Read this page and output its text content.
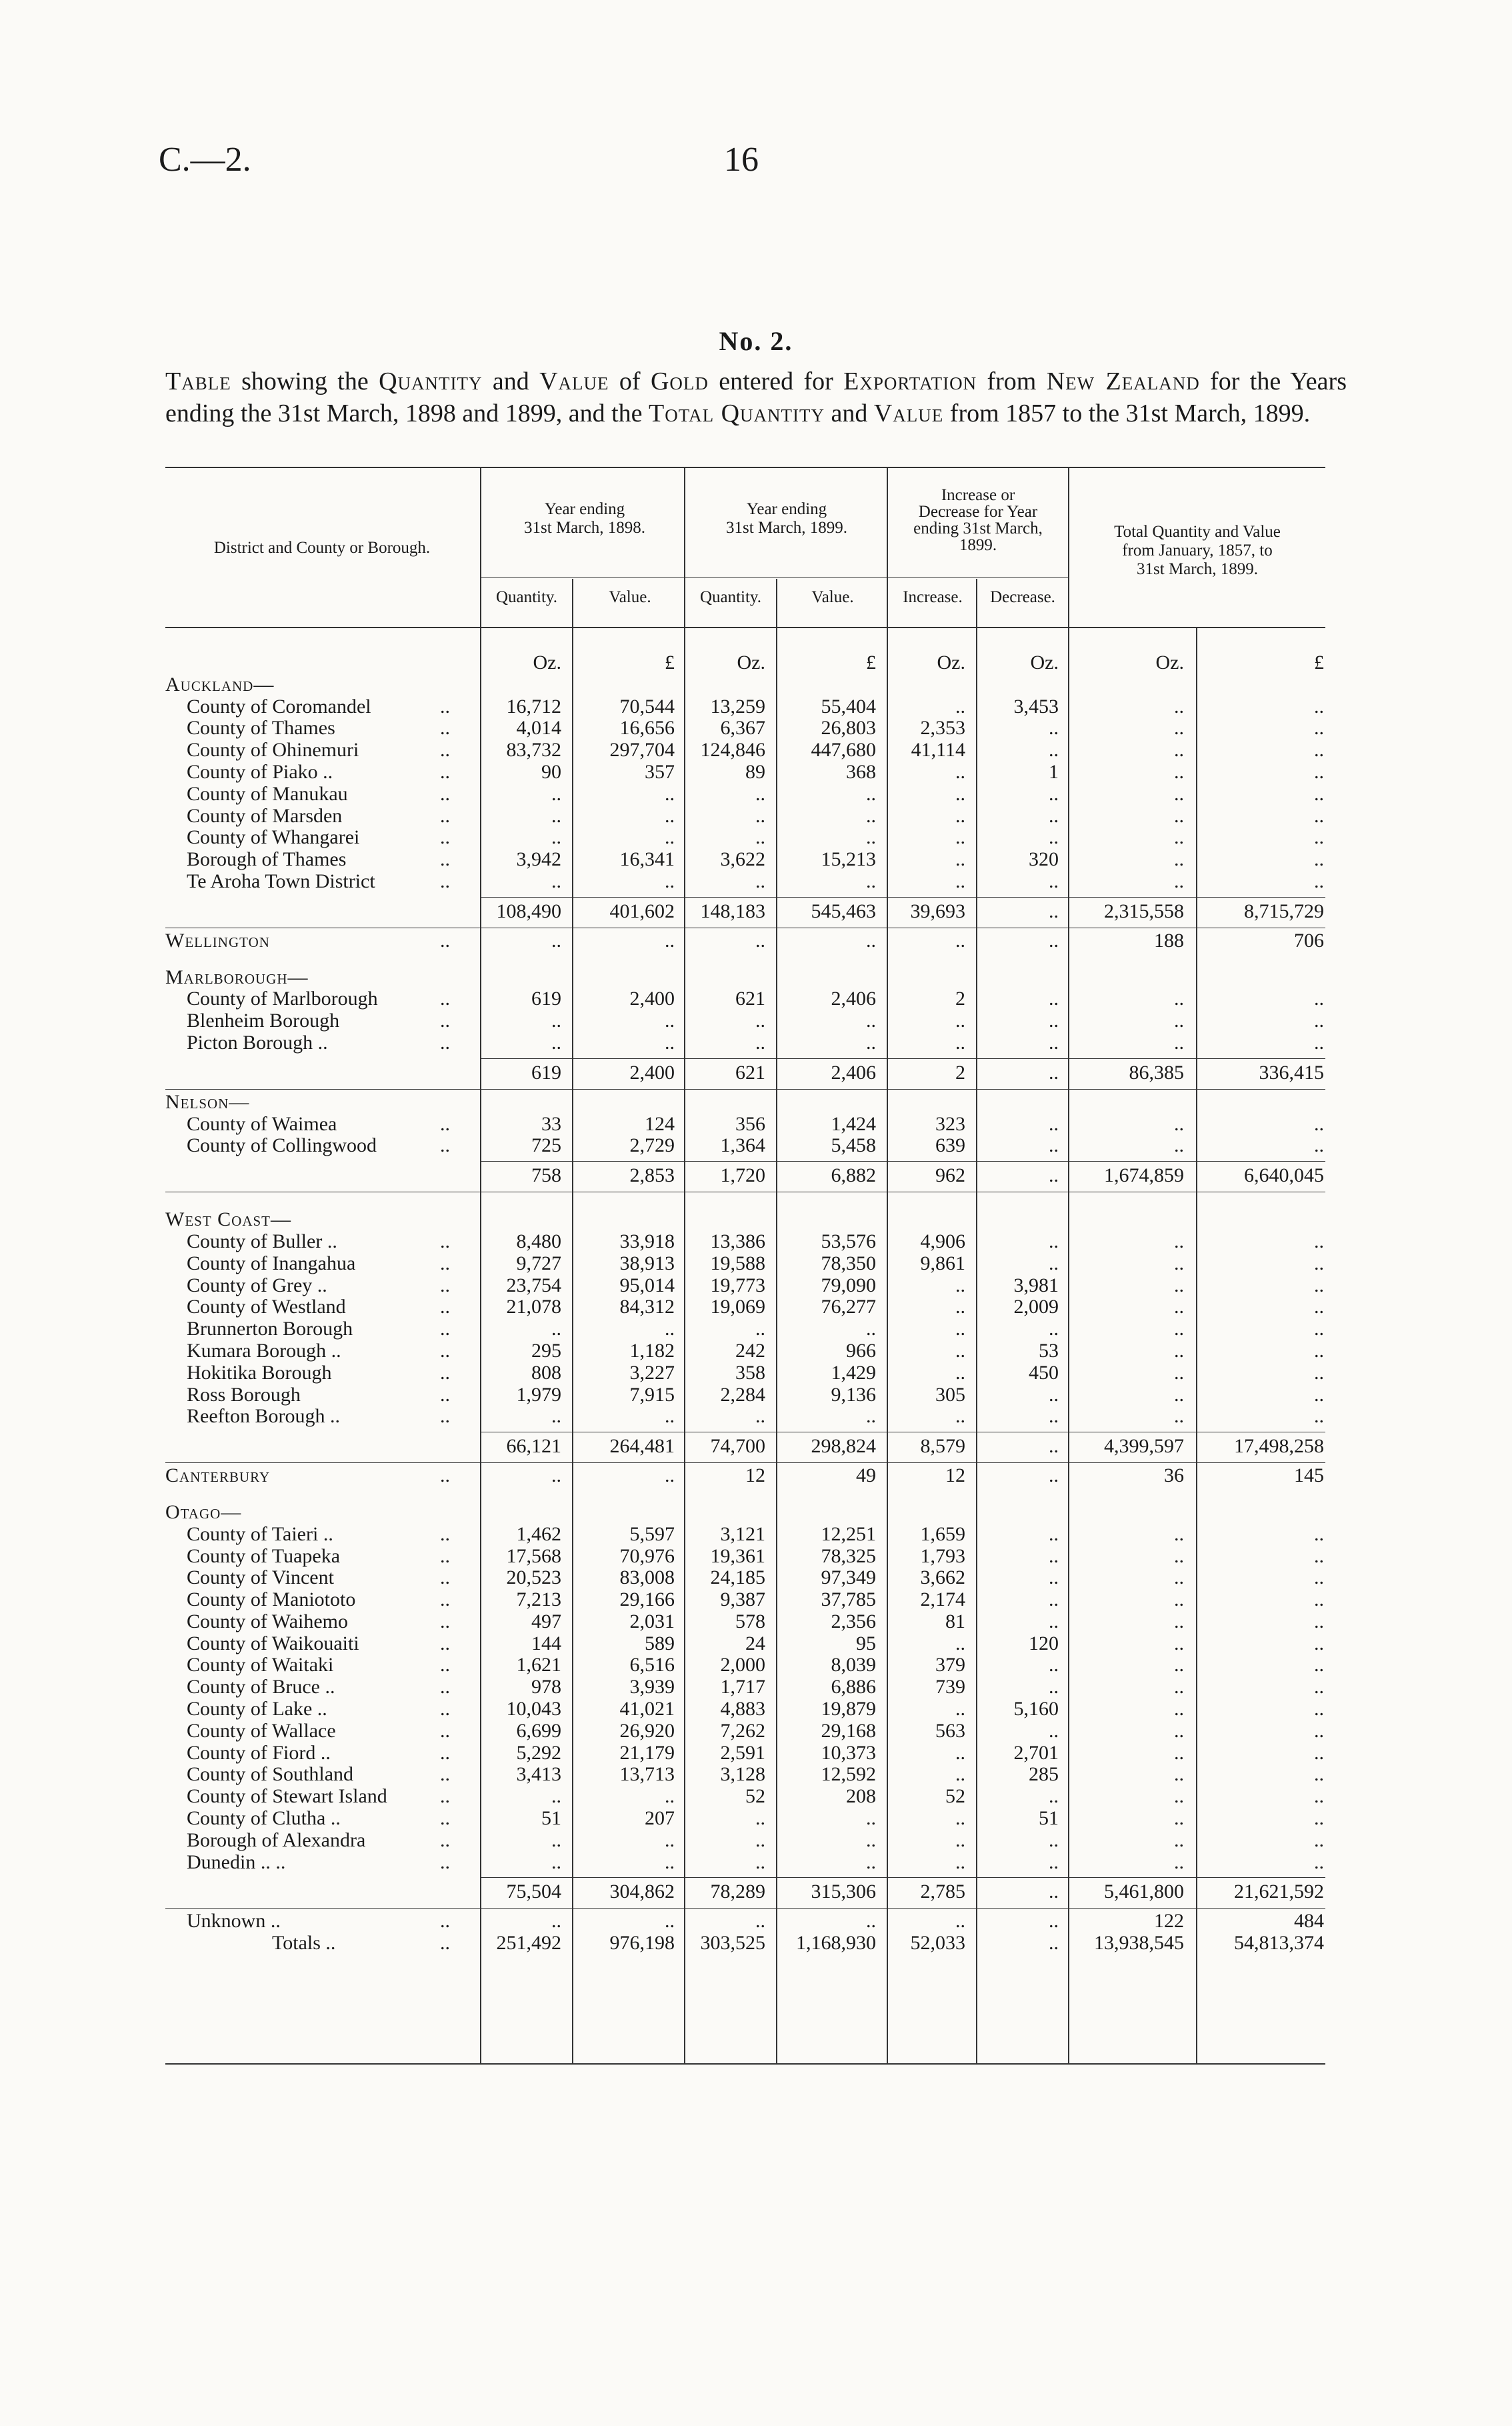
C.—2.	16
No. 2.
Table showing the Quantity and Value of Gold entered for Exportation from New Zealand for the Years ending the 31st March, 1898 and 1899, and the Total Quantity and Value from 1857 to the 31st March, 1899.
District and County or Borough.
Year ending
31st March, 1898.
Year ending
31st March, 1899.
Increase or
Decrease for Year
ending 31st March,
1899.
Total Quantity and Value
from January, 1857, to
31st March, 1899.
Quantity.	Value.	Quantity.	Value.	Increase.	Decrease.
Oz.	£	Oz.	£	Oz.	Oz.	Oz.	£
Auckland—
County of Coromandel	..	16,712	70,544	13,259	55,404	..	3,453	..	..
County of Thames	..	4,014	16,656	6,367	26,803	2,353	..	..	..
County of Ohinemuri	..	83,732	297,704	124,846	447,680	41,114	..	..	..
County of Piako ..	..	90	357	89	368	..	1	..	..
County of Manukau	..	..	..	..	..	..	..	..	..
County of Marsden	..	..	..	..	..	..	..	..	..
County of Whangarei	..	..	..	..	..	..	..	..	..
Borough of Thames	..	3,942	16,341	3,622	15,213	..	320	..	..
Te Aroha Town District	..	..	..	..	..	..	..	..	..
108,490	401,602	148,183	545,463	39,693	..	2,315,558	8,715,729
Wellington	..	..	..	..	..	..	..	188	706
Marlborough—
County of Marlborough	..	619	2,400	621	2,406	2	..	..	..
Blenheim Borough	..	..	..	..	..	..	..	..	..
Picton Borough ..	..	..	..	..	..	..	..	..	..
619	2,400	621	2,406	2	..	86,385	336,415
Nelson—
County of Waimea	..	33	124	356	1,424	323	..	..	..
County of Collingwood	..	725	2,729	1,364	5,458	639	..	..	..
758	2,853	1,720	6,882	962	..	1,674,859	6,640,045
West Coast—
County of Buller ..	..	8,480	33,918	13,386	53,576	4,906	..	..	..
County of Inangahua	..	9,727	38,913	19,588	78,350	9,861	..	..	..
County of Grey ..	..	23,754	95,014	19,773	79,090	..	3,981	..	..
County of Westland	..	21,078	84,312	19,069	76,277	..	2,009	..	..
Brunnerton Borough	..	..	..	..	..	..	..	..	..
Kumara Borough ..	..	295	1,182	242	966	..	53	..	..
Hokitika Borough	..	808	3,227	358	1,429	..	450	..	..
Ross Borough	..	1,979	7,915	2,284	9,136	305	..	..	..
Reefton Borough ..	..	..	..	..	..	..	..	..	..
66,121	264,481	74,700	298,824	8,579	..	4,399,597	17,498,258
Canterbury	..	..	..	12	49	12	..	36	145
Otago—
County of Taieri ..	..	1,462	5,597	3,121	12,251	1,659	..	..	..
County of Tuapeka	..	17,568	70,976	19,361	78,325	1,793	..	..	..
County of Vincent	..	20,523	83,008	24,185	97,349	3,662	..	..	..
County of Maniototo	..	7,213	29,166	9,387	37,785	2,174	..	..	..
County of Waihemo	..	497	2,031	578	2,356	81	..	..	..
County of Waikouaiti	..	144	589	24	95	..	120	..	..
County of Waitaki	..	1,621	6,516	2,000	8,039	379	..	..	..
County of Bruce ..	..	978	3,939	1,717	6,886	739	..	..	..
County of Lake ..	..	10,043	41,021	4,883	19,879	..	5,160	..	..
County of Wallace	..	6,699	26,920	7,262	29,168	563	..	..	..
County of Fiord ..	..	5,292	21,179	2,591	10,373	..	2,701	..	..
County of Southland	..	3,413	13,713	3,128	12,592	..	285	..	..
County of Stewart Island	..	..	..	52	208	52	..	..	..
County of Clutha ..	..	51	207	..	..	..	51	..	..
Borough of Alexandra	..	..	..	..	..	..	..	..	..
Dunedin .. ..	..	..	..	..	..	..	..	..	..
75,504	304,862	78,289	315,306	2,785	..	5,461,800	21,621,592
Unknown ..	..	..	..	..	..	..	..	122	484
Totals ..	..	251,492	976,198	303,525	1,168,930	52,033	..	13,938,545	54,813,374
